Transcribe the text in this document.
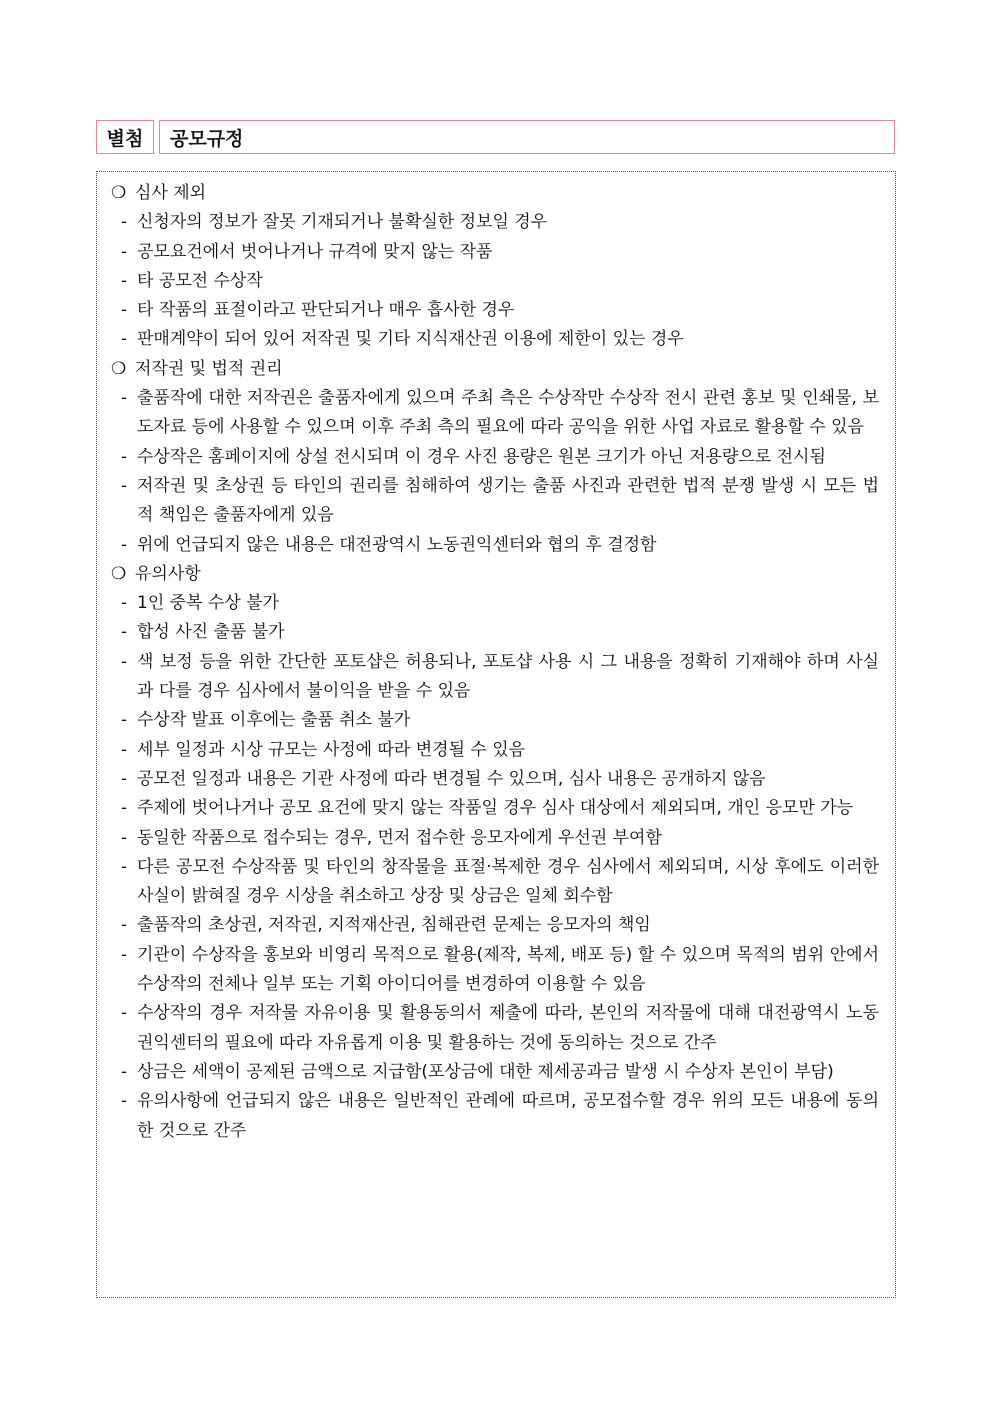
별첨	공모규정
❍ 심사 제외
- 신청자의 정보가 잘못 기재되거나 불확실한 정보일 경우
- 공모요건에서 벗어나거나 규격에 맞지 않는 작품
- 타 공모전 수상작
- 타 작품의 표절이라고 판단되거나 매우 흡사한 경우
- 판매계약이 되어 있어 저작권 및 기타 지식재산권 이용에 제한이 있는 경우
❍ 저작권 및 법적 권리
- 출품작에 대한 저작권은 출품자에게 있으며 주최 측은 수상작만 수상작 전시 관련 홍보 및 인쇄물, 보도자료 등에 사용할 수 있으며 이후 주최 측의 필요에 따라 공익을 위한 사업 자료로 활용할 수 있음
- 수상작은 홈페이지에 상설 전시되며 이 경우 사진 용량은 원본 크기가 아닌 저용량으로 전시됨
- 저작권 및 초상권 등 타인의 권리를 침해하여 생기는 출품 사진과 관련한 법적 분쟁 발생 시 모든 법적 책임은 출품자에게 있음
- 위에 언급되지 않은 내용은 대전광역시 노동권익센터와 협의 후 결정함
❍ 유의사항
- 1인 중복 수상 불가
- 합성 사진 출품 불가
- 색 보정 등을 위한 간단한 포토샵은 허용되나, 포토샵 사용 시 그 내용을 정확히 기재해야 하며 사실과 다를 경우 심사에서 불이익을 받을 수 있음
- 수상작 발표 이후에는 출품 취소 불가
- 세부 일정과 시상 규모는 사정에 따라 변경될 수 있음
- 공모전 일정과 내용은 기관 사정에 따라 변경될 수 있으며, 심사 내용은 공개하지 않음
- 주제에 벗어나거나 공모 요건에 맞지 않는 작품일 경우 심사 대상에서 제외되며, 개인 응모만 가능
- 동일한 작품으로 접수되는 경우, 먼저 접수한 응모자에게 우선권 부여함
- 다른 공모전 수상작품 및 타인의 창작물을 표절·복제한 경우 심사에서 제외되며, 시상 후에도 이러한 사실이 밝혀질 경우 시상을 취소하고 상장 및 상금은 일체 회수함
- 출품작의 초상권, 저작권, 지적재산권, 침해관련 문제는 응모자의 책임
- 기관이 수상작을 홍보와 비영리 목적으로 활용(제작, 복제, 배포 등) 할 수 있으며 목적의 범위 안에서 수상작의 전체나 일부 또는 기획 아이디어를 변경하여 이용할 수 있음
- 수상작의 경우 저작물 자유이용 및 활용동의서 제출에 따라, 본인의 저작물에 대해 대전광역시 노동권익센터의 필요에 따라 자유롭게 이용 및 활용하는 것에 동의하는 것으로 간주
- 상금은 세액이 공제된 금액으로 지급함(포상금에 대한 제세공과금 발생 시 수상자 본인이 부담)
- 유의사항에 언급되지 않은 내용은 일반적인 관례에 따르며, 공모접수할 경우 위의 모든 내용에 동의한 것으로 간주
